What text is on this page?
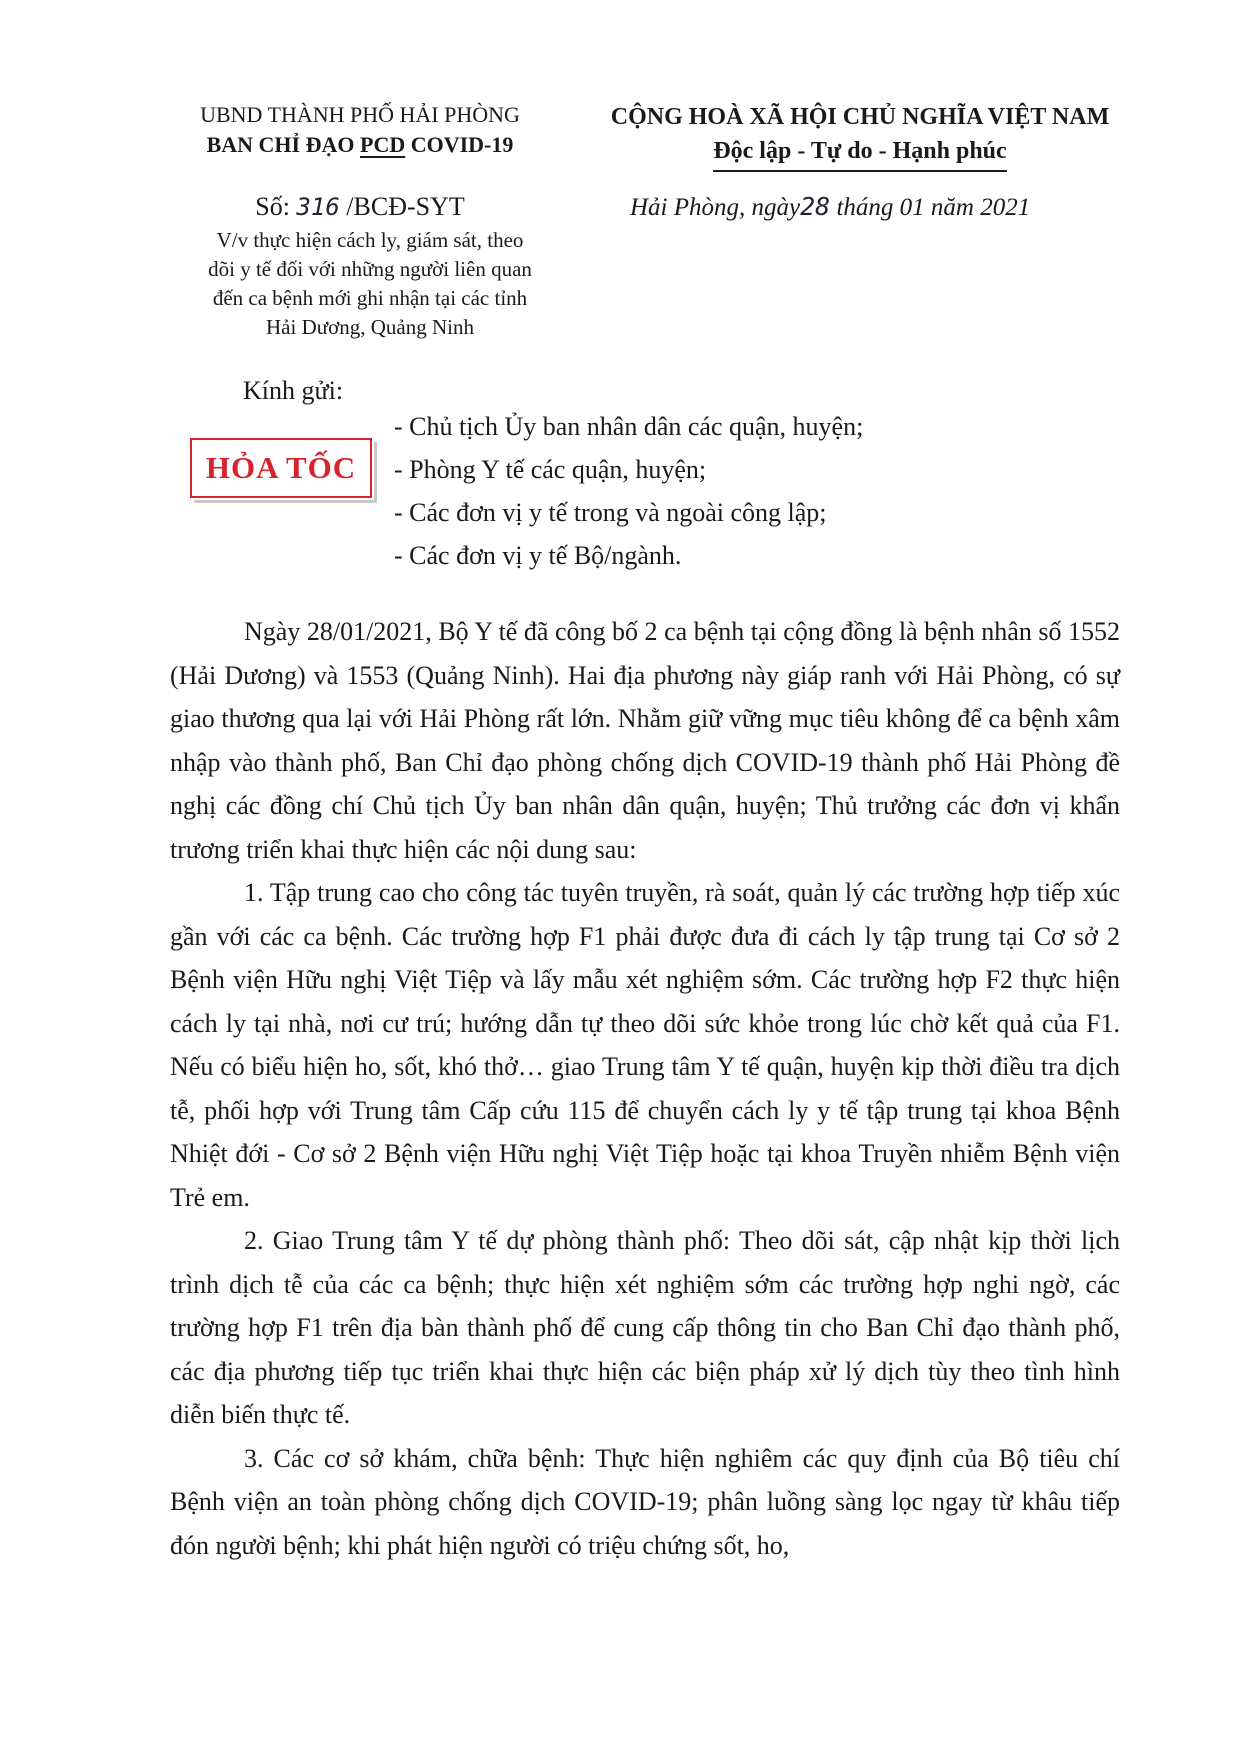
UBND THÀNH PHỐ HẢI PHÒNG
BAN CHỈ ĐẠO PCD COVID-19
CỘNG HOÀ XÃ HỘI CHỦ NGHĨA VIỆT NAM
Độc lập - Tự do - Hạnh phúc
Số: 316 /BCĐ-SYT
V/v thực hiện cách ly, giám sát, theo
dõi y tế đối với những người liên quan
đến ca bệnh mới ghi nhận tại các tỉnh
Hải Dương, Quảng Ninh
Hải Phòng, ngày28 tháng 01 năm 2021
Kính gửi:
HỎA TỐC
- Chủ tịch Ủy ban nhân dân các quận, huyện;
- Phòng Y tế các quận, huyện;
- Các đơn vị y tế trong và ngoài công lập;
- Các đơn vị y tế Bộ/ngành.

Ngày 28/01/2021, Bộ Y tế đã công bố 2 ca bệnh tại cộng đồng là bệnh nhân số 1552 (Hải Dương) và 1553 (Quảng Ninh). Hai địa phương này giáp ranh với Hải Phòng, có sự giao thương qua lại với Hải Phòng rất lớn. Nhằm giữ vững mục tiêu không để ca bệnh xâm nhập vào thành phố, Ban Chỉ đạo phòng chống dịch COVID-19 thành phố Hải Phòng đề nghị các đồng chí Chủ tịch Ủy ban nhân dân quận, huyện; Thủ trưởng các đơn vị khẩn trương triển khai thực hiện các nội dung sau:

1. Tập trung cao cho công tác tuyên truyền, rà soát, quản lý các trường hợp tiếp xúc gần với các ca bệnh. Các trường hợp F1 phải được đưa đi cách ly tập trung tại Cơ sở 2 Bệnh viện Hữu nghị Việt Tiệp và lấy mẫu xét nghiệm sớm. Các trường hợp F2 thực hiện cách ly tại nhà, nơi cư trú; hướng dẫn tự theo dõi sức khỏe trong lúc chờ kết quả của F1. Nếu có biểu hiện ho, sốt, khó thở… giao Trung tâm Y tế quận, huyện kịp thời điều tra dịch tễ, phối hợp với Trung tâm Cấp cứu 115 để chuyển cách ly y tế tập trung tại khoa Bệnh Nhiệt đới - Cơ sở 2 Bệnh viện Hữu nghị Việt Tiệp hoặc tại khoa Truyền nhiễm Bệnh viện Trẻ em.

2. Giao Trung tâm Y tế dự phòng thành phố: Theo dõi sát, cập nhật kịp thời lịch trình dịch tễ của các ca bệnh; thực hiện xét nghiệm sớm các trường hợp nghi ngờ, các trường hợp F1 trên địa bàn thành phố để cung cấp thông tin cho Ban Chỉ đạo thành phố, các địa phương tiếp tục triển khai thực hiện các biện pháp xử lý dịch tùy theo tình hình diễn biến thực tế.

3. Các cơ sở khám, chữa bệnh: Thực hiện nghiêm các quy định của Bộ tiêu chí Bệnh viện an toàn phòng chống dịch COVID-19; phân luồng sàng lọc ngay từ khâu tiếp đón người bệnh; khi phát hiện người có triệu chứng sốt, ho,
